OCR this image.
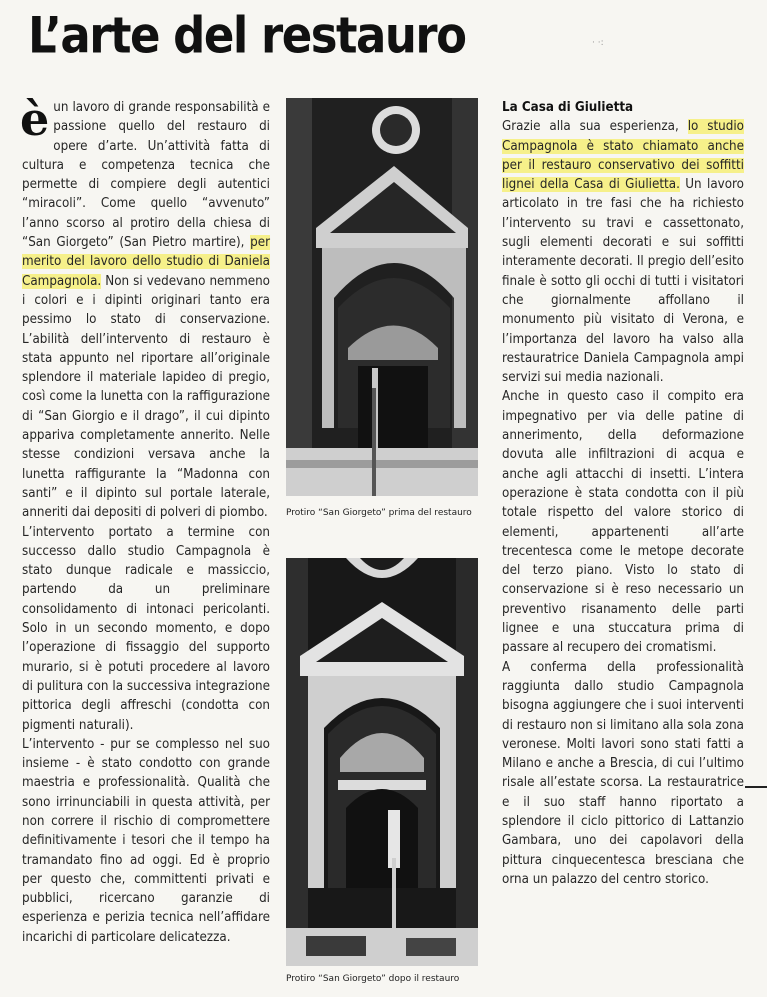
L’arte del restauro	· ·:

èun lavoro di grande responsabilità e passione quello del restauro di opere d’arte. Un’attività fatta di cultura e competenza tecnica che permette di compiere degli autentici “miracoli”. Come quello “avvenuto” l’anno scorso al protiro della chiesa di “San Giorgeto” (San Pietro martire), per merito del lavoro dello studio di Daniela Campagnola. Non si vedevano nemmeno i colori e i dipinti originari tanto era pessimo lo stato di conservazione. L’abilità dell’intervento di restauro è stata appunto nel riportare all’originale splendore il materiale lapideo di pregio, così come la lunetta con la raffigurazione di “San Giorgio e il drago”, il cui dipinto appariva completamente annerito. Nelle stesse condizioni versava anche la lunetta raffigurante la “Madonna con santi” e il dipinto sul portale laterale, anneriti dai depositi di polveri di piombo.

L’intervento portato a termine con successo dallo studio Campagnola è stato dunque radicale e massiccio, partendo da un preliminare consolidamento di intonaci pericolanti. Solo in un secondo momento, e dopo l’operazione di fissaggio del supporto murario, si è potuti procedere al lavoro di pulitura con la successiva integrazione pittorica degli affreschi (condotta con pigmenti naturali).

L’intervento - pur se complesso nel suo insieme - è stato condotto con grande maestria e professionalità. Qualità che sono irrinunciabili in questa attività, per non correre il rischio di compromettere definitivamente i tesori che il tempo ha tramandato fino ad oggi. Ed è proprio per questo che, committenti privati e pubblici, ricercano garanzie di esperienza e perizia tecnica nell’affidare incarichi di particolare delicatezza.

Protiro “San Giorgeto” prima del restauro
Protiro “San Giorgeto” dopo il restauro

La Casa di Giulietta
Grazie alla sua esperienza, lo studio Campagnola è stato chiamato anche per il restauro conservativo dei soffitti lignei della Casa di Giulietta. Un lavoro articolato in tre fasi che ha richiesto l’intervento su travi e cassettonato, sugli elementi decorati e sui soffitti interamente decorati. Il pregio dell’esito finale è sotto gli occhi di tutti i visitatori che giornalmente affollano il monumento più visitato di Verona, e l’importanza del lavoro ha valso alla restauratrice Daniela Campagnola ampi servizi sui media nazionali.

Anche in questo caso il compito era impegnativo per via delle patine di annerimento, della deformazione dovuta alle infiltrazioni di acqua e anche agli attacchi di insetti. L’intera operazione è stata condotta con il più totale rispetto del valore storico di elementi, appartenenti all’arte trecentesca come le metope decorate del terzo piano. Visto lo stato di conservazione si è reso necessario un preventivo risanamento delle parti lignee e una stuccatura prima di passare al recupero dei cromatismi.

A conferma della professionalità raggiunta dallo studio Campagnola bisogna aggiungere che i suoi interventi di restauro non si limitano alla sola zona veronese. Molti lavori sono stati fatti a Milano e anche a Brescia, di cui l’ultimo risale all’estate scorsa. La restauratrice e il suo staff hanno riportato a splendore il ciclo pittorico di Lattanzio Gambara, uno dei capolavori della pittura cinquecentesca bresciana che orna un palazzo del centro storico.
